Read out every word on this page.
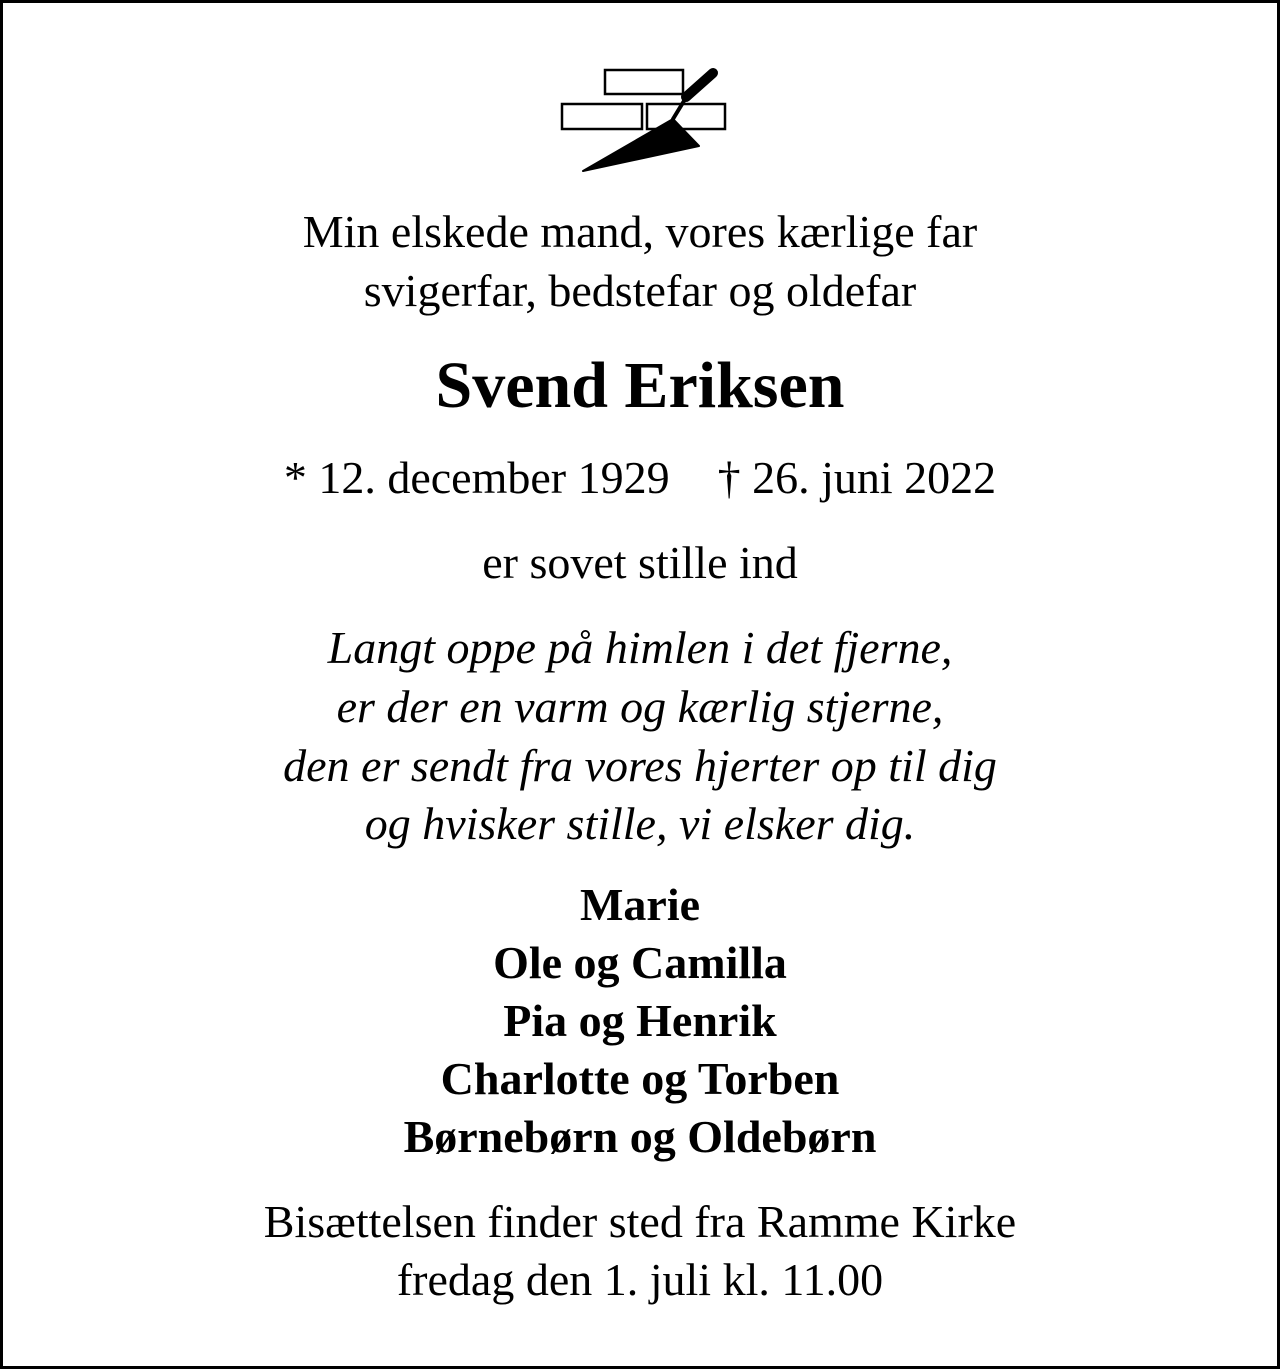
Min elskede mand, vores kærlige far
svigerfar, bedstefar og oldefar
Svend Eriksen
* 12. december 1929 † 26. juni 2022
er sovet stille ind
Langt oppe på himlen i det fjerne,
er der en varm og kærlig stjerne,
den er sendt fra vores hjerter op til dig
og hvisker stille, vi elsker dig.
Marie
Ole og Camilla
Pia og Henrik
Charlotte og Torben
Børnebørn og Oldebørn
Bisættelsen finder sted fra Ramme Kirke
fredag den 1. juli kl. 11.00
